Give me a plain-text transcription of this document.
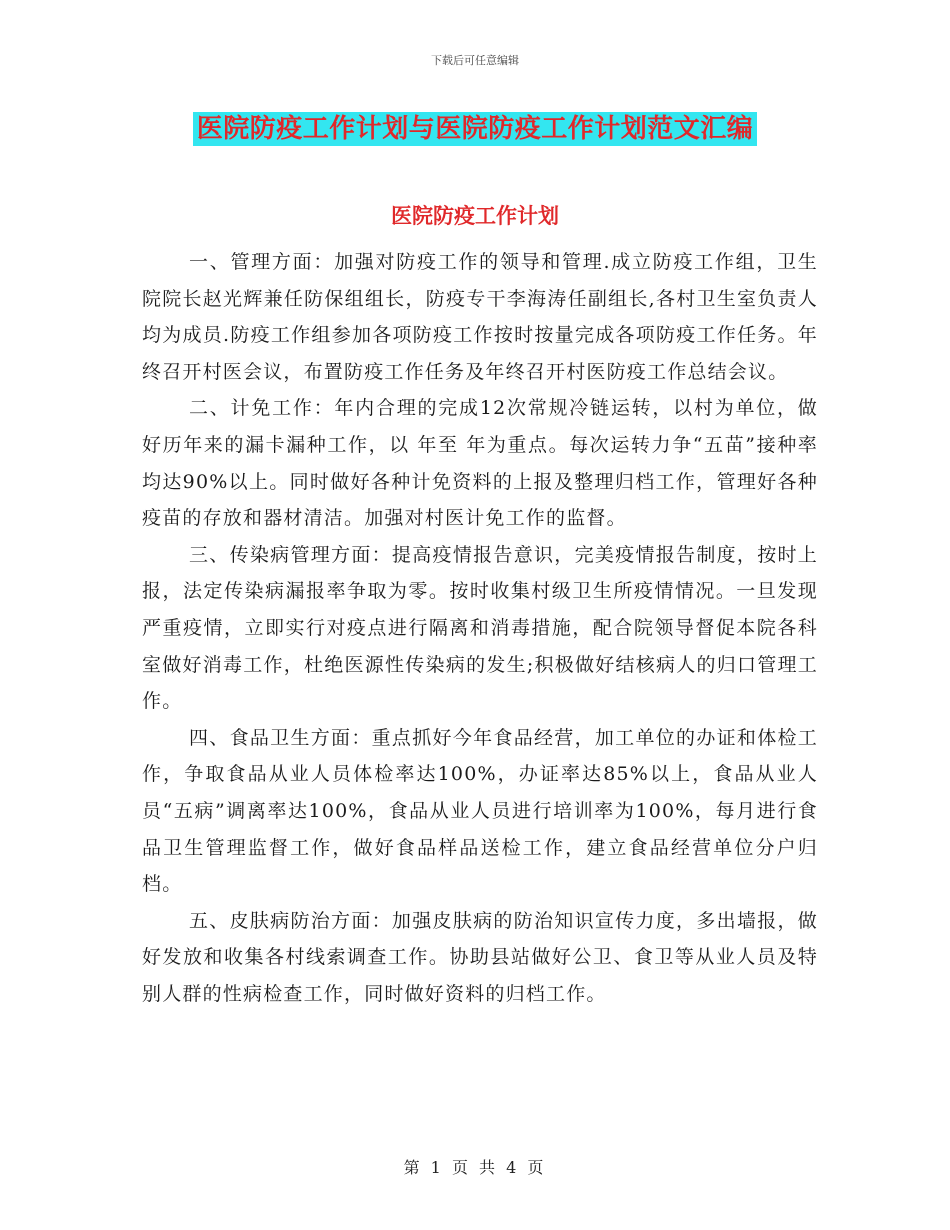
下载后可任意编辑
医院防疫工作计划与医院防疫工作计划范文汇编
医院防疫工作计划

一、管理方面：加强对防疫工作的领导和管理.成立防疫工作组，卫生院院长赵光辉兼任防保组组长，防疫专干李海涛任副组长,各村卫生室负责人均为成员.防疫工作组参加各项防疫工作按时按量完成各项防疫工作任务。年终召开村医会议，布置防疫工作任务及年终召开村医防疫工作总结会议。

二、计免工作：年内合理的完成12次常规冷链运转，以村为单位，做好历年来的漏卡漏种工作，以 年至 年为重点。每次运转力争“五苗”接种率均达90%以上。同时做好各种计免资料的上报及整理归档工作，管理好各种疫苗的存放和器材清洁。加强对村医计免工作的监督。

三、传染病管理方面：提高疫情报告意识，完美疫情报告制度，按时上报，法定传染病漏报率争取为零。按时收集村级卫生所疫情情况。一旦发现严重疫情，立即实行对疫点进行隔离和消毒措施，配合院领导督促本院各科室做好消毒工作，杜绝医源性传染病的发生;积极做好结核病人的归口管理工作。

四、食品卫生方面：重点抓好今年食品经营，加工单位的办证和体检工作，争取食品从业人员体检率达100%，办证率达85%以上，食品从业人员“五病”调离率达100%，食品从业人员进行培训率为100%，每月进行食品卫生管理监督工作，做好食品样品送检工作，建立食品经营单位分户归档。

五、皮肤病防治方面：加强皮肤病的防治知识宣传力度，多出墙报，做好发放和收集各村线索调查工作。协助县站做好公卫、食卫等从业人员及特别人群的性病检查工作，同时做好资料的归档工作。

第 1 页 共 4 页
